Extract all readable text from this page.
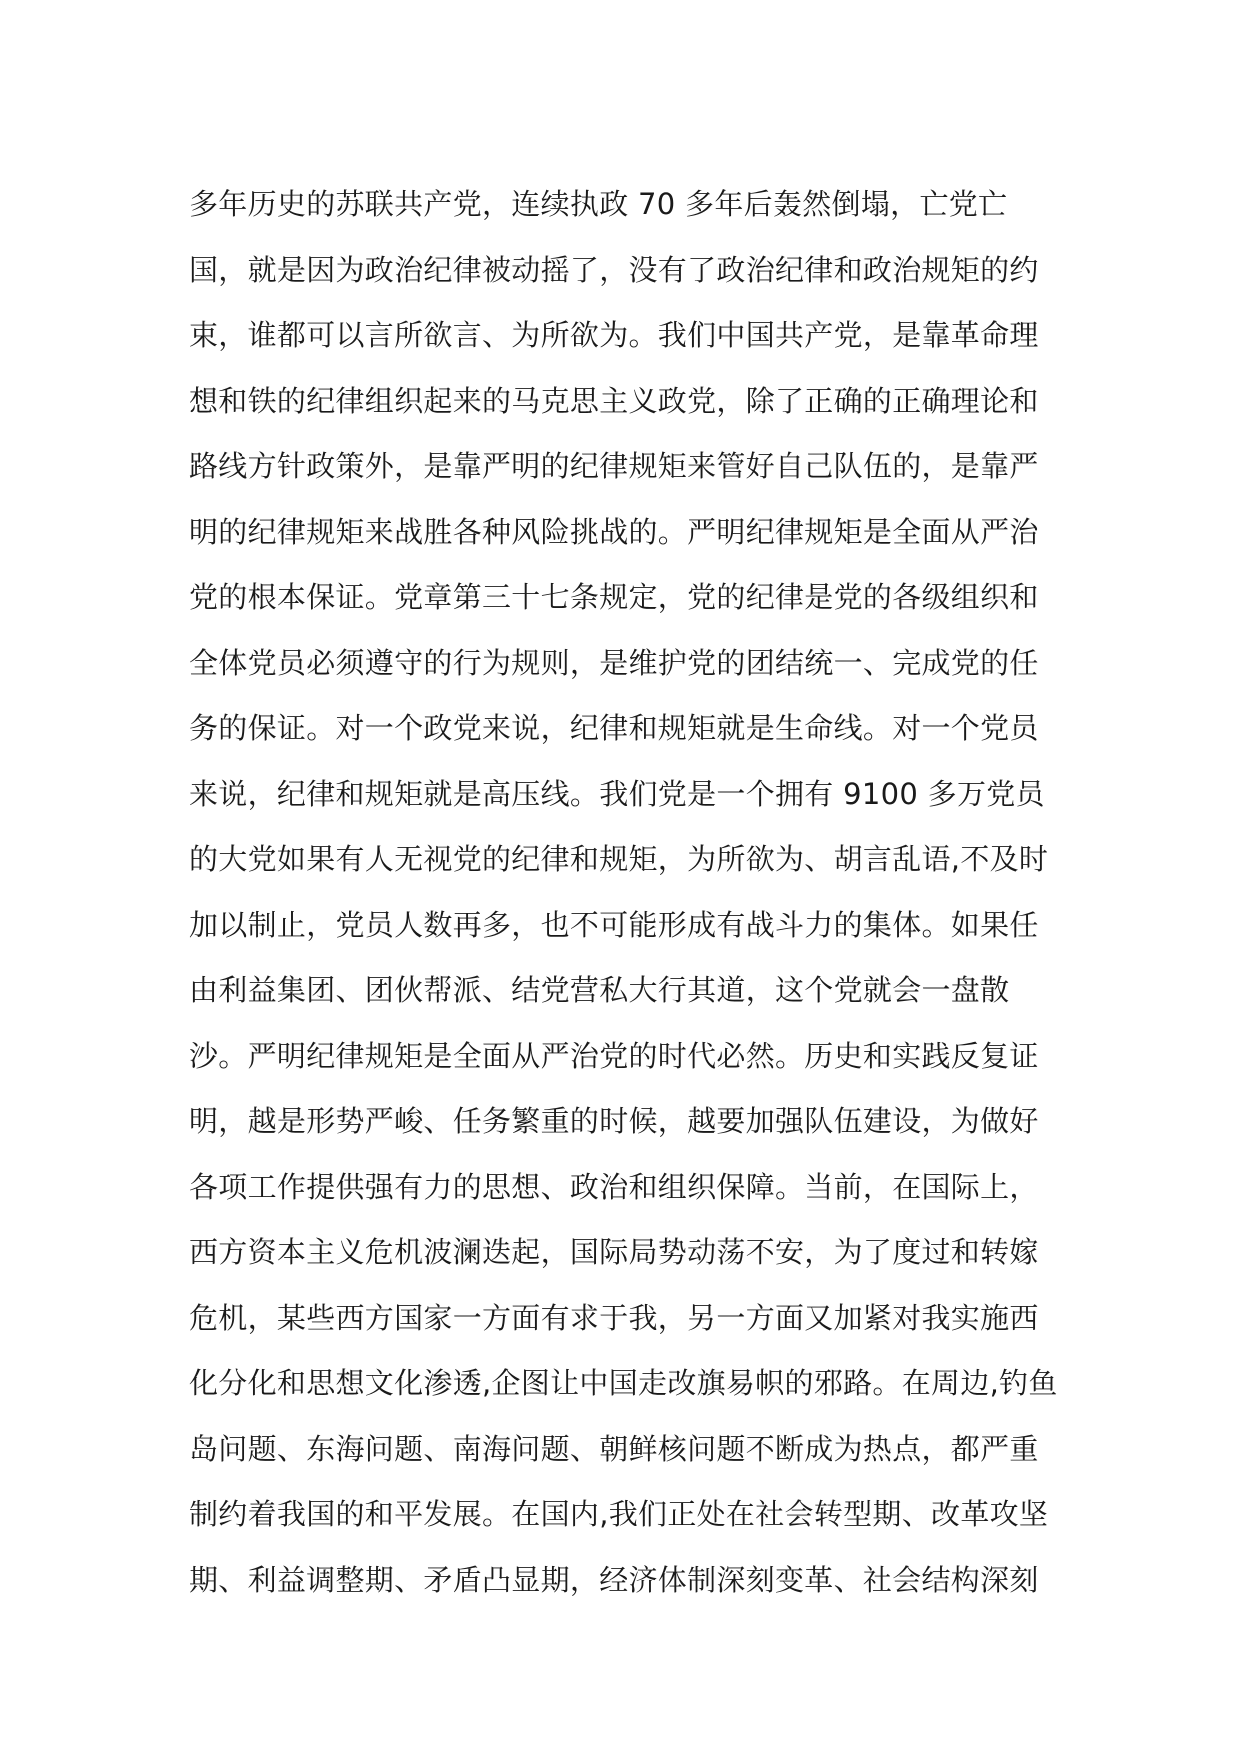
多年历史的苏联共产党，连续执政 70 多年后轰然倒塌，亡党亡
国，就是因为政治纪律被动摇了，没有了政治纪律和政治规矩的约
束，谁都可以言所欲言、为所欲为。我们中国共产党，是靠革命理
想和铁的纪律组织起来的马克思主义政党，除了正确的正确理论和
路线方针政策外，是靠严明的纪律规矩来管好自己队伍的，是靠严
明的纪律规矩来战胜各种风险挑战的。严明纪律规矩是全面从严治
党的根本保证。党章第三十七条规定，党的纪律是党的各级组织和
全体党员必须遵守的行为规则，是维护党的团结统一、完成党的任
务的保证。对一个政党来说，纪律和规矩就是生命线。对一个党员
来说，纪律和规矩就是高压线。我们党是一个拥有 9100 多万党员
的大党如果有人无视党的纪律和规矩，为所欲为、胡言乱语,不及时
加以制止，党员人数再多，也不可能形成有战斗力的集体。如果任
由利益集团、团伙帮派、结党营私大行其道，这个党就会一盘散
沙。严明纪律规矩是全面从严治党的时代必然。历史和实践反复证
明，越是形势严峻、任务繁重的时候，越要加强队伍建设，为做好
各项工作提供强有力的思想、政治和组织保障。当前，在国际上，
西方资本主义危机波澜迭起，国际局势动荡不安，为了度过和转嫁
危机，某些西方国家一方面有求于我，另一方面又加紧对我实施西
化分化和思想文化渗透,企图让中国走改旗易帜的邪路。在周边,钓鱼
岛问题、东海问题、南海问题、朝鲜核问题不断成为热点，都严重
制约着我国的和平发展。在国内,我们正处在社会转型期、改革攻坚
期、利益调整期、矛盾凸显期，经济体制深刻变革、社会结构深刻
